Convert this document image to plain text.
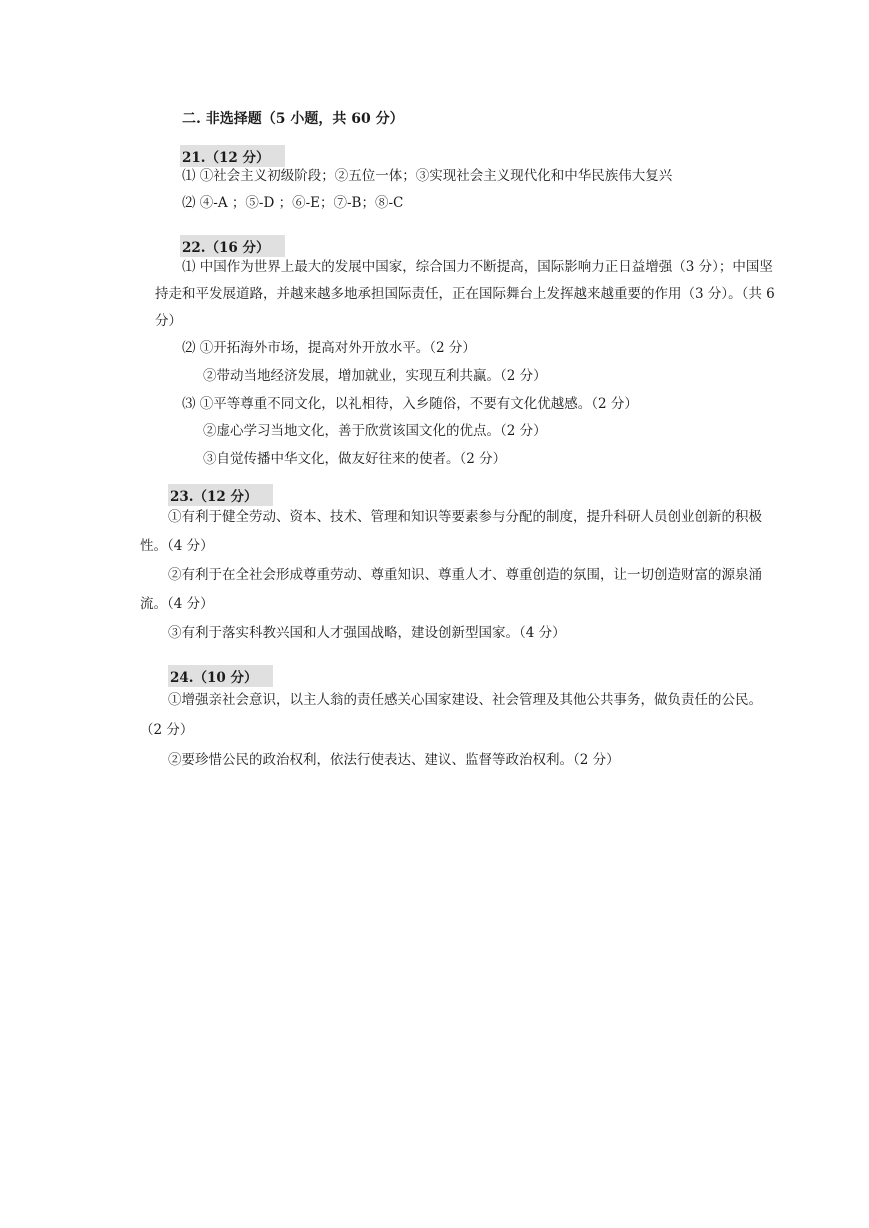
二. 非选择题（5 小题，共 60 分）
21.（12 分）
⑴ ①社会主义初级阶段；②五位一体；③实现社会主义现代化和中华民族伟大复兴
⑵ ④-A ；⑤-D ；⑥-E；⑦-B；⑧-C
22.（16 分）
⑴ 中国作为世界上最大的发展中国家，综合国力不断提高，国际影响力正日益增强（3 分）；中国坚
持走和平发展道路，并越来越多地承担国际责任，正在国际舞台上发挥越来越重要的作用（3 分）。（共 6
分）
⑵ ①开拓海外市场，提高对外开放水平。（2 分）
②带动当地经济发展，增加就业，实现互利共赢。（2 分）
⑶ ①平等尊重不同文化，以礼相待，入乡随俗，不要有文化优越感。（2 分）
②虚心学习当地文化，善于欣赏该国文化的优点。（2 分）
③自觉传播中华文化，做友好往来的使者。（2 分）
23.（12 分）
①有利于健全劳动、资本、技术、管理和知识等要素参与分配的制度，提升科研人员创业创新的积极
性。（4 分）
②有利于在全社会形成尊重劳动、尊重知识、尊重人才、尊重创造的氛围，让一切创造财富的源泉涌
流。（4 分）
③有利于落实科教兴国和人才强国战略，建设创新型国家。（4 分）
24.（10 分）
①增强亲社会意识，以主人翁的责任感关心国家建设、社会管理及其他公共事务，做负责任的公民。
（2 分）
②要珍惜公民的政治权利，依法行使表达、建议、监督等政治权利。（2 分）
